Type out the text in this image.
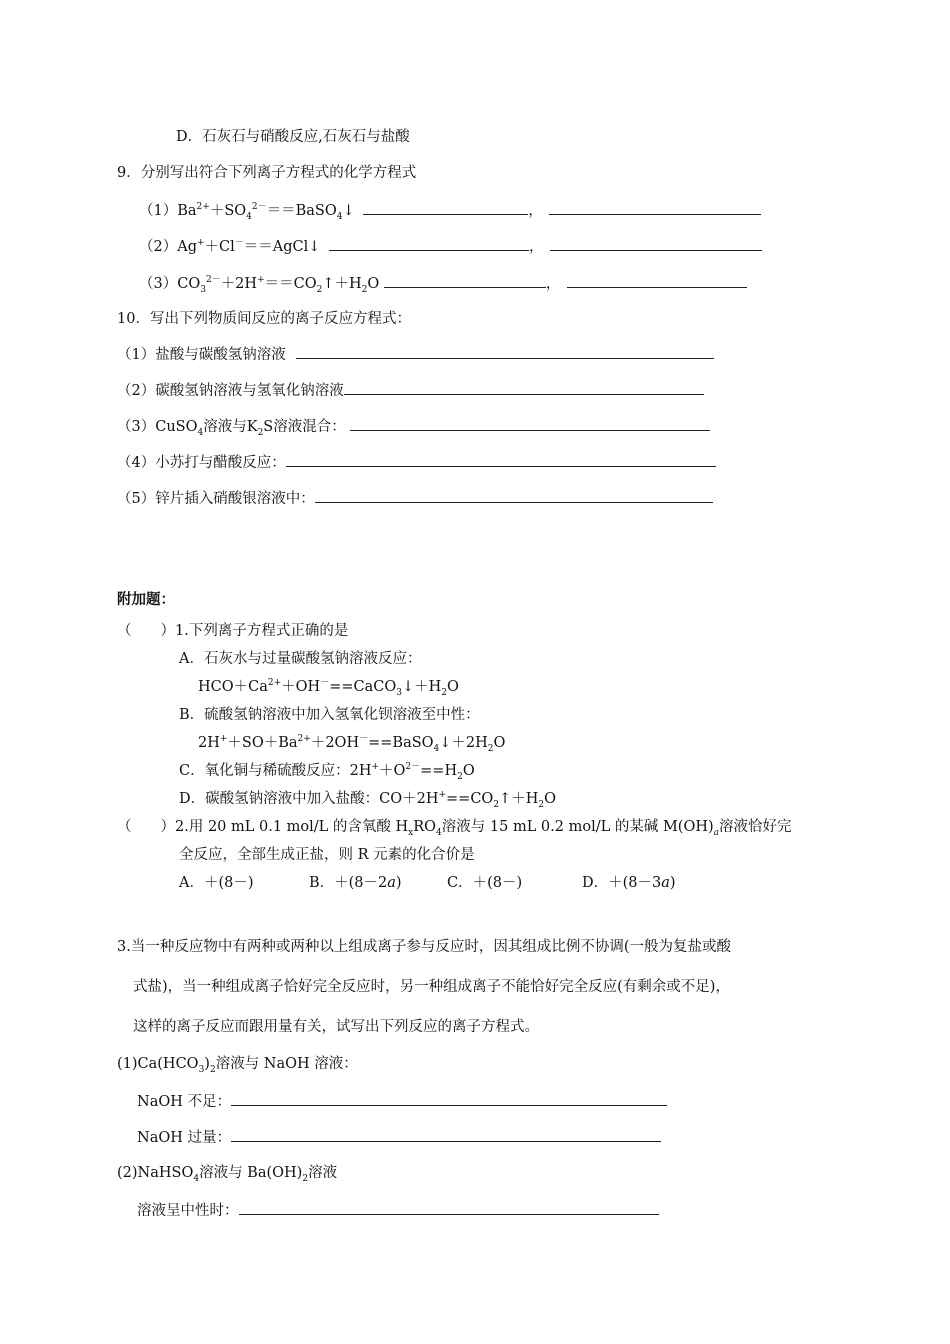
D．石灰石与硝酸反应,石灰石与盐酸
9．分别写出符合下列离子方程式的化学方程式
$(1)Ba^{2+}+SO_4^{2-}==BaSO_4↓$	，
（2）Ag+＋Cl－＝＝AgCl↓	，
$(3)CO_3^{2-}+2H^+==CO_2↑+H_2O$	，
10．写出下列物质间反应的离子反应方程式：
（1）盐酸与碳酸氢钠溶液
（2）碳酸氢钠溶液与氢氧化钠溶液
（3）CuSO$_4$溶液与$K_2S$溶液混合：
（4）小苏打与醋酸反应：
（5）锌片插入硝酸银溶液中：
附加题：
（　　）1.下列离子方程式正确的是
A．石灰水与过量碳酸氢钠溶液反应：
$HCO+Ca^{2+}+OH^-==CaCO_3↓+H_2O$
B．硫酸氢钠溶液中加入氢氧化钡溶液至中性：
$2H^++SO+Ba^{2+}+2OH^-==BaSO_4↓+2H_2O$
C．氧化铜与稀硫酸反应：$2H^++O^{2-}==H_2O$
D．碳酸氢钠溶液中加入盐酸：$CO+2H^+==CO_2↑+H_2O$
（　　）2.用 20 mL 0.1 mol/L 的含氧酸 $H_xRO_4$溶液与 15 mL 0.2 mol/L 的某碱 $M(OH)_a$溶液恰好完
全反应，全部生成正盐，则 R 元素的化合价是
A．＋(8－)	B．＋(8－2a)	C．＋(8－)	D．＋(8－3a)
3.当一种反应物中有两种或两种以上组成离子参与反应时，因其组成比例不协调(一般为复盐或酸
式盐)，当一种组成离子恰好完全反应时，另一种组成离子不能恰好完全反应(有剩余或不足)，
这样的离子反应而跟用量有关，试写出下列反应的离子方程式。
$(1)Ca(HCO_3)_2$溶液与 NaOH 溶液：
NaOH 不足：
NaOH 过量：
(2)NaHSO$_4$溶液与 $Ba(OH)_2$溶液
溶液呈中性时：
